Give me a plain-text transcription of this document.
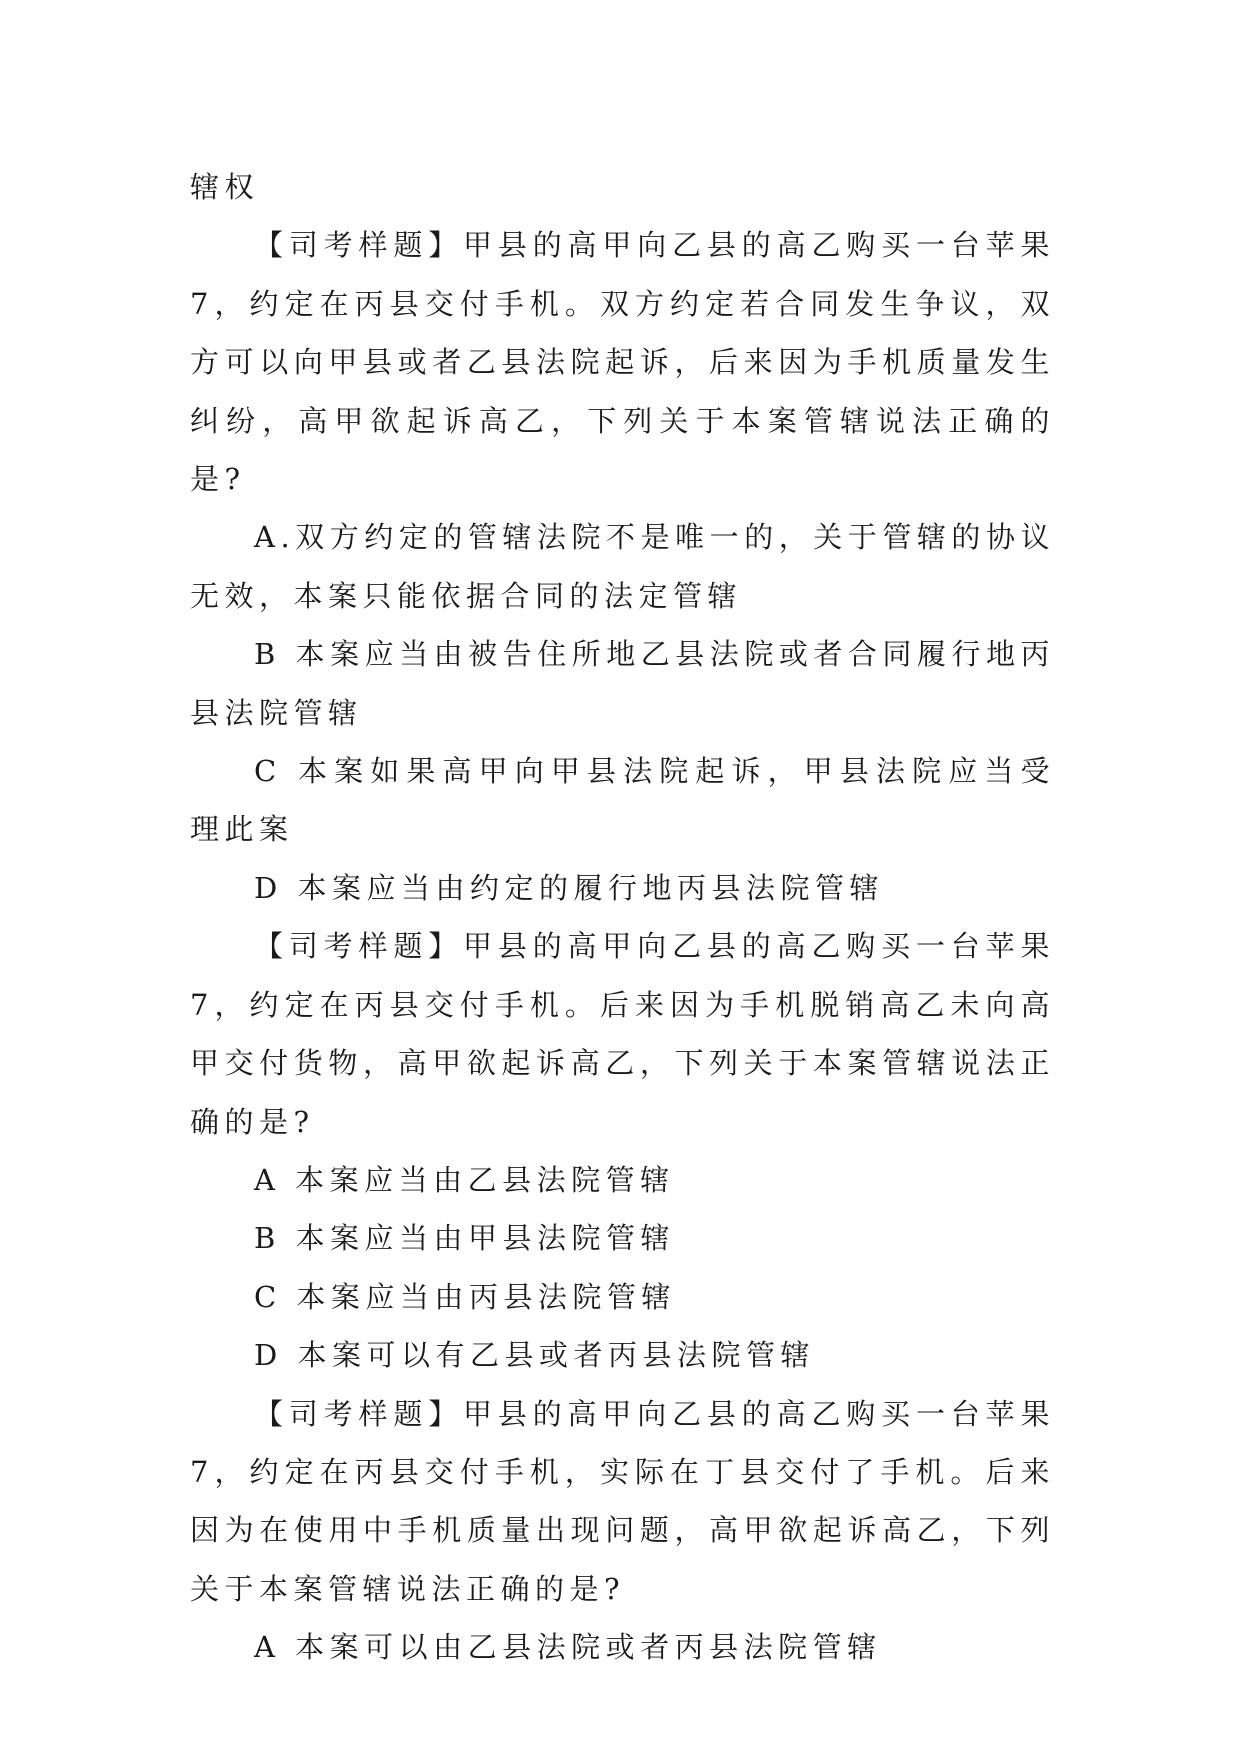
辖权

【司考样题】甲县的高甲向乙县的高乙购买一台苹果 7，约定在丙县交付手机。双方约定若合同发生争议，双方可以向甲县或者乙县法院起诉，后来因为手机质量发生纠纷，高甲欲起诉高乙，下列关于本案管辖说法正确的是?

A.双方约定的管辖法院不是唯一的，关于管辖的协议无效，本案只能依据合同的法定管辖

B 本案应当由被告住所地乙县法院或者合同履行地丙县法院管辖

C 本案如果高甲向甲县法院起诉，甲县法院应当受理此案

D 本案应当由约定的履行地丙县法院管辖

【司考样题】甲县的高甲向乙县的高乙购买一台苹果 7，约定在丙县交付手机。后来因为手机脱销高乙未向高甲交付货物，高甲欲起诉高乙，下列关于本案管辖说法正确的是?

A 本案应当由乙县法院管辖

B 本案应当由甲县法院管辖

C 本案应当由丙县法院管辖

D 本案可以有乙县或者丙县法院管辖

【司考样题】甲县的高甲向乙县的高乙购买一台苹果 7，约定在丙县交付手机，实际在丁县交付了手机。后来因为在使用中手机质量出现问题，高甲欲起诉高乙，下列关于本案管辖说法正确的是?

A 本案可以由乙县法院或者丙县法院管辖
